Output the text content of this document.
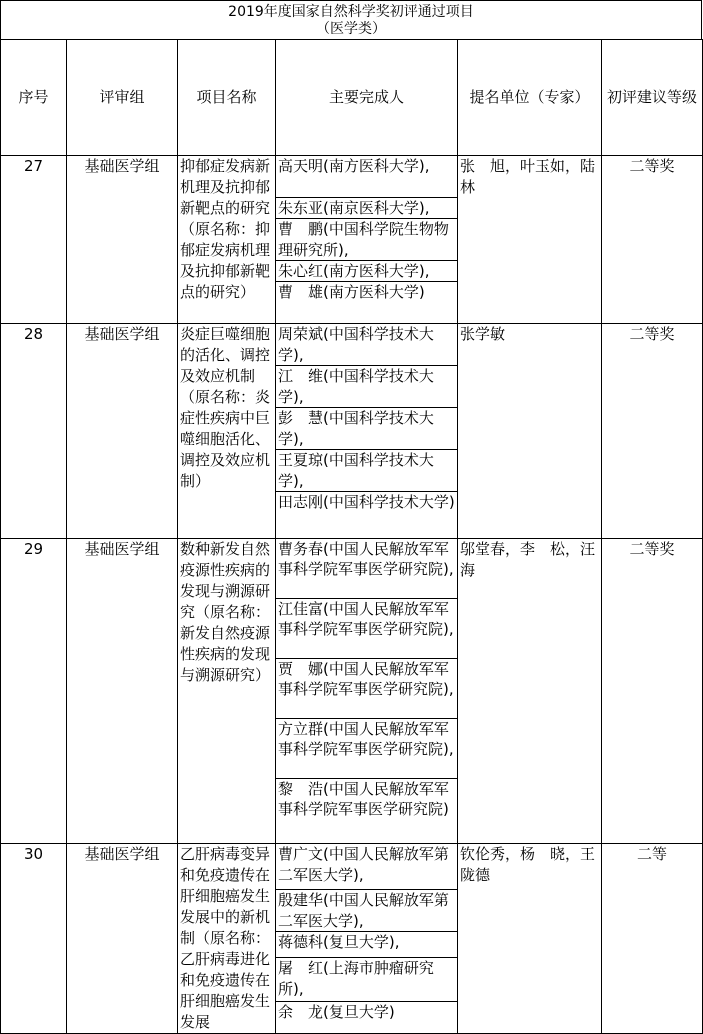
2019年度国家自然科学奖初评通过项目
（医学类）
序号	评审组	项目名称	主要完成人	提名单位（专家）	初评建议等级
27	基础医学组	抑郁症发病新机理及抗抑郁新靶点的研究（原名称：抑郁症发病机理及抗抑郁新靶点的研究）	高天明(南方医科大学),
朱东亚(南京医科大学),
曹　鹏(中国科学院生物物理研究所),
朱心红(南方医科大学),
曹　雄(南方医科大学)	张　旭，叶玉如，陆　林	二等奖
28	基础医学组	炎症巨噬细胞的活化、调控及效应机制（原名称：炎症性疾病中巨噬细胞活化、调控及效应机制）	周荣斌(中国科学技术大学),
江　维(中国科学技术大学),
彭　慧(中国科学技术大学),
王夏琼(中国科学技术大学),
田志刚(中国科学技术大学)	张学敏	二等奖
29	基础医学组	数种新发自然疫源性疾病的发现与溯源研究（原名称：新发自然疫源性疾病的发现与溯源研究）	曹务春(中国人民解放军军事科学院军事医学研究院),
江佳富(中国人民解放军军事科学院军事医学研究院),
贾　娜(中国人民解放军军事科学院军事医学研究院),
方立群(中国人民解放军军事科学院军事医学研究院),
黎　浩(中国人民解放军军事科学院军事医学研究院)	邬堂春，李　松，汪　海	二等奖
30	基础医学组	乙肝病毒变异和免疫遗传在肝细胞癌发生发展中的新机制（原名称：乙肝病毒进化和免疫遗传在肝细胞癌发生发展	曹广文(中国人民解放军第二军医大学),
殷建华(中国人民解放军第二军医大学),
蒋德科(复旦大学),
屠　红(上海市肿瘤研究所),
余　龙(复旦大学)	钦伦秀，杨　晓，王陇德	二等
